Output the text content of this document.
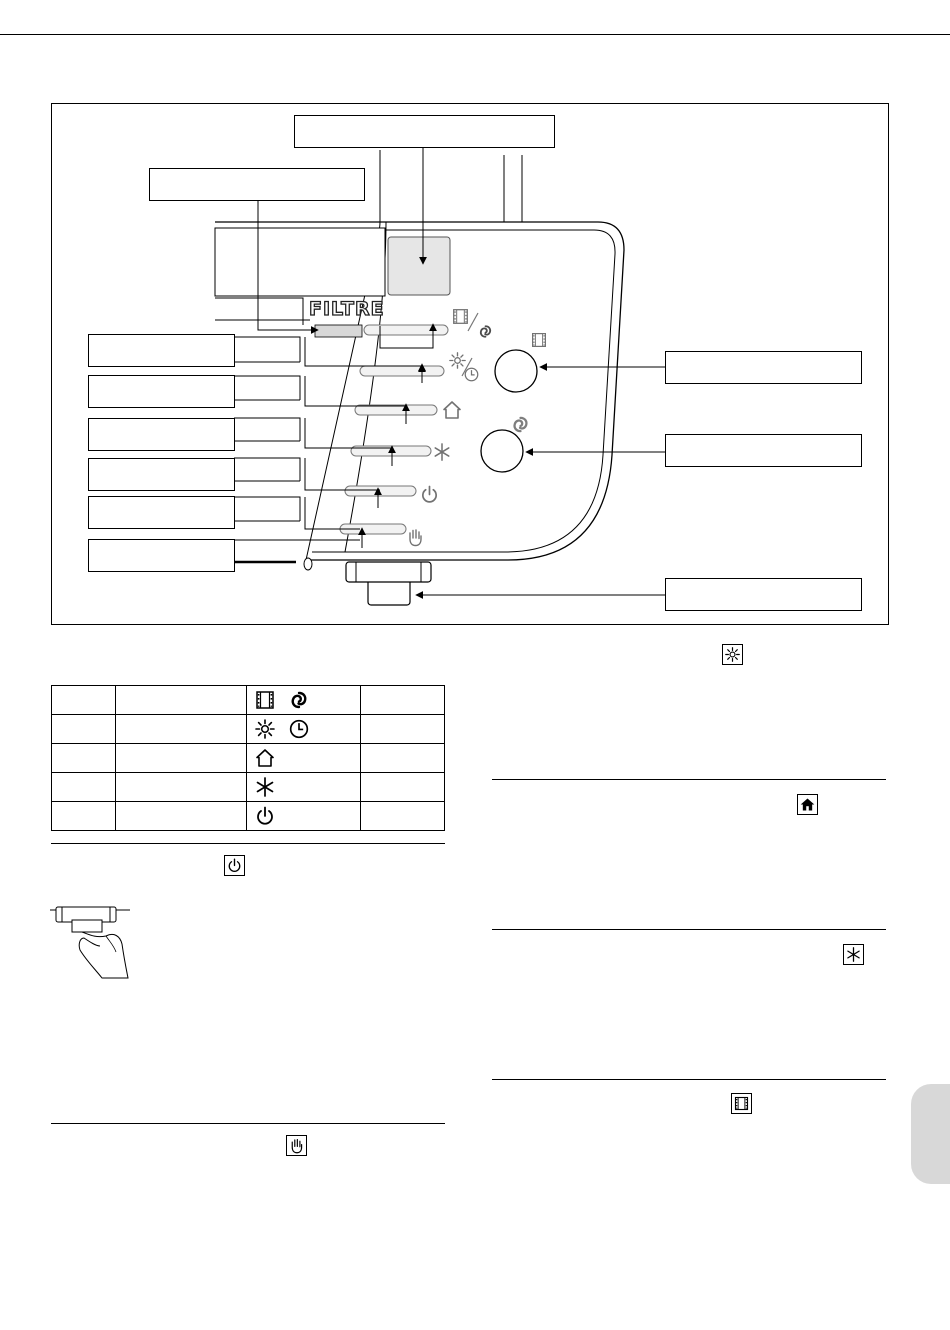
FILTRE
